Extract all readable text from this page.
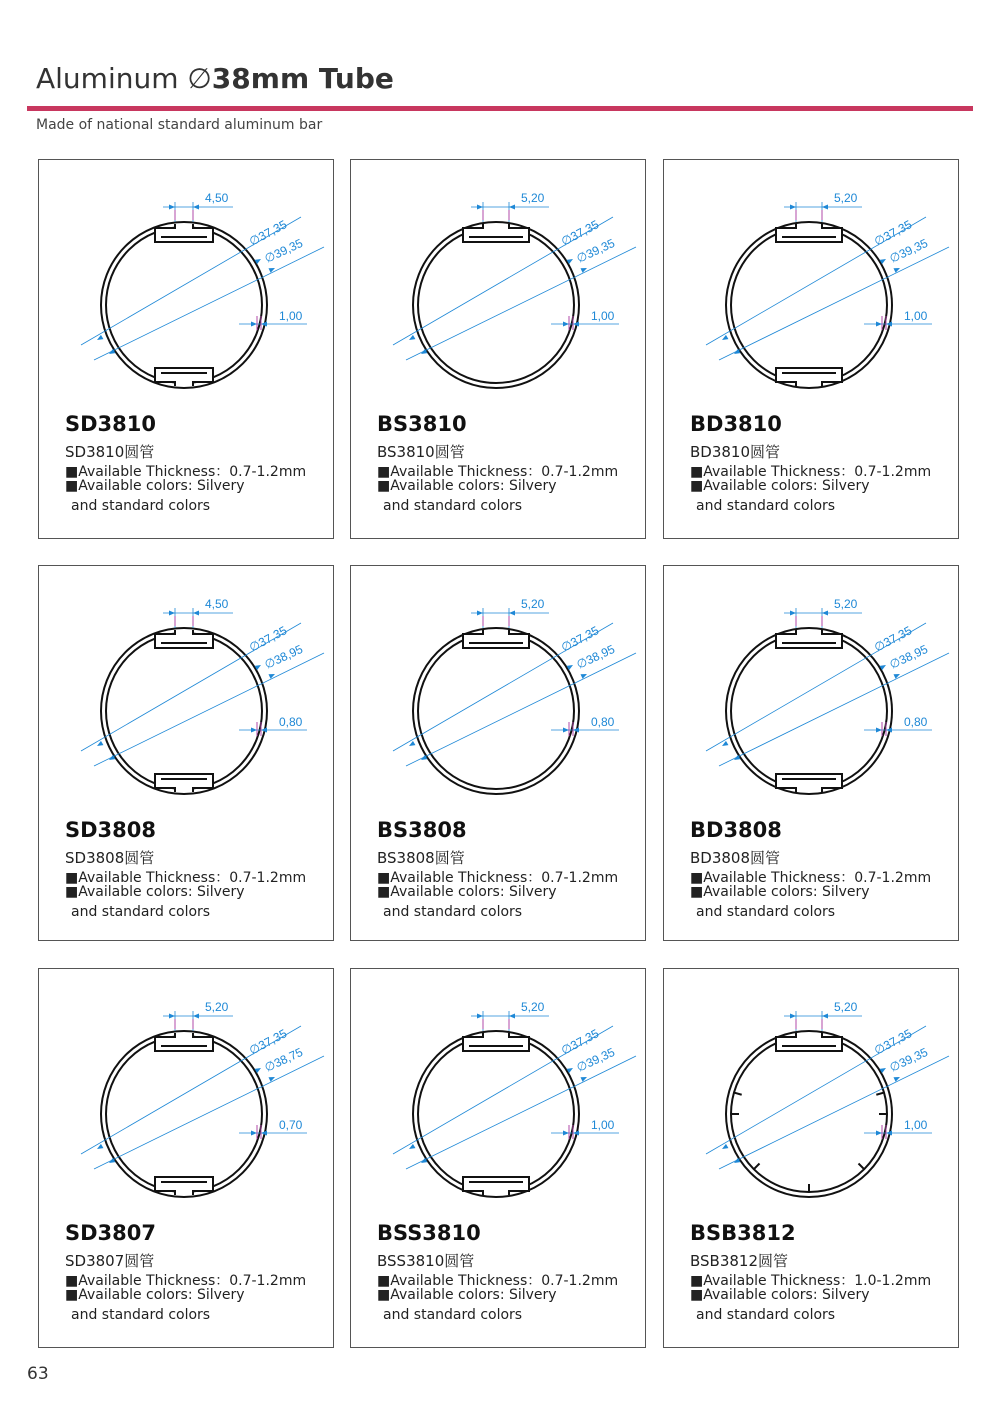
Aluminum ∅38mm Tube
Made of national standard aluminum bar
4,50
∅37,35
∅39,35
1,00
SD3810
SD3810圆管
■Available Thickness：0.7-1.2mm
■Available colors: Silvery
and standard colors
5,20
∅37,35
∅39,35
1,00
BS3810
BS3810圆管
■Available Thickness：0.7-1.2mm
■Available colors: Silvery
and standard colors
5,20
∅37,35
∅39,35
1,00
BD3810
BD3810圆管
■Available Thickness：0.7-1.2mm
■Available colors: Silvery
and standard colors
4,50
∅37,35
∅38,95
0,80
SD3808
SD3808圆管
■Available Thickness：0.7-1.2mm
■Available colors: Silvery
and standard colors
5,20
∅37,35
∅38,95
0,80
BS3808
BS3808圆管
■Available Thickness：0.7-1.2mm
■Available colors: Silvery
and standard colors
5,20
∅37,35
∅38,95
0,80
BD3808
BD3808圆管
■Available Thickness：0.7-1.2mm
■Available colors: Silvery
and standard colors
5,20
∅37,35
∅38,75
0,70
SD3807
SD3807圆管
■Available Thickness：0.7-1.2mm
■Available colors: Silvery
and standard colors
5,20
∅37,35
∅39,35
1,00
BSS3810
BSS3810圆管
■Available Thickness：0.7-1.2mm
■Available colors: Silvery
and standard colors
5,20
∅37,35
∅39,35
1,00
BSB3812
BSB3812圆管
■Available Thickness：1.0-1.2mm
■Available colors: Silvery
and standard colors
63
